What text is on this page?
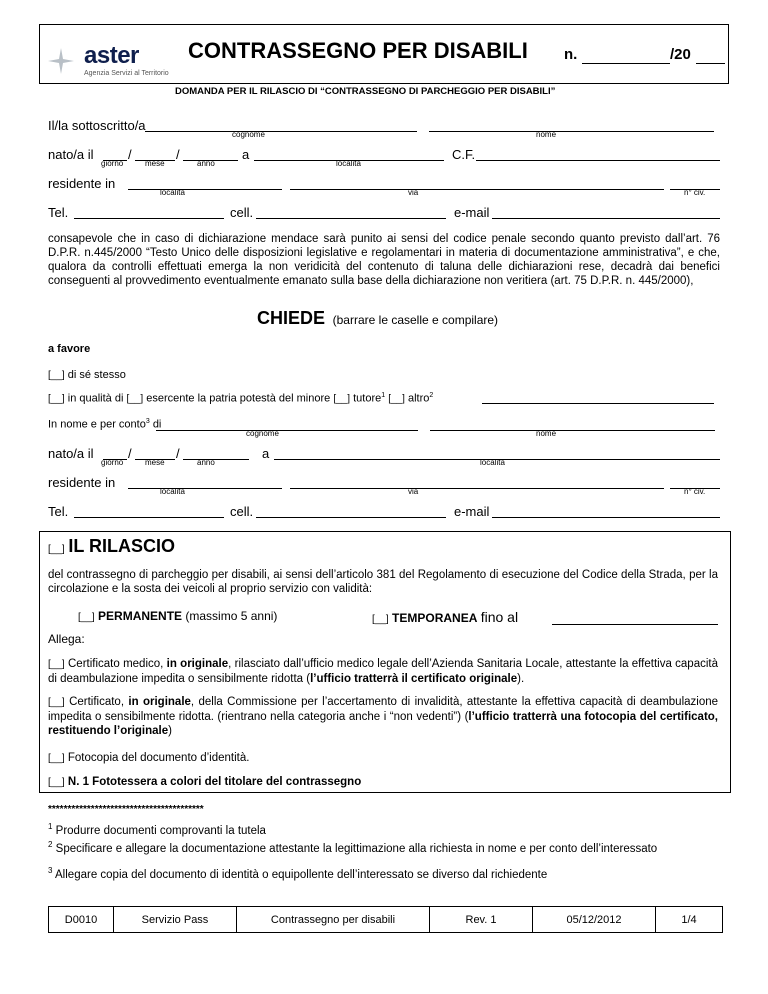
aster
Agenzia Servizi al Territorio
CONTRASSEGNO PER DISABILI n.	/20
DOMANDA PER IL RILASCIO DI “CONTRASSEGNO DI PARCHEGGIO PER DISABILI”
Il/la sottoscritto/a
cognome	nome
nato/a il	/	/
giorno	mese	anno
a
località
C.F.
residente in
località	via	n° civ.
Tel.	cell.	e-mail
consapevole che in caso di dichiarazione mendace sarà punito ai sensi del codice penale secondo quanto previsto dall’art. 76 D.P.R. n.445/2000 “Testo Unico delle disposizioni legislative e regolamentari in materia di documentazione amministrativa”, e che, qualora da controlli effettuati emerga la non veridicità del contenuto di taluna delle dichiarazioni rese, decadrà dai benefici conseguenti al provvedimento eventualmente emanato sulla base della dichiarazione non veritiera (art. 75 D.P.R. n. 445/2000),
CHIEDE (barrare le caselle e compilare)
a favore
[__] di sé stesso
[__] in qualità di [__] esercente la patria potestà del minore [__] tutore$^1$ [__] altro$^2$
In nome e per conto$^3$ di
cognome	nome
nato/a il	/	/
giorno	mese	anno
a
località
residente in
località	via	n° civ.
Tel.	cell.	e-mail
[__] IL RILASCIO
del contrassegno di parcheggio per disabili, ai sensi dell’articolo 381 del Regolamento di esecuzione del Codice della Strada, per la circolazione e la sosta dei veicoli al proprio servizio con validità:
[__] PERMANENTE (massimo 5 anni)	[__] TEMPORANEA fino al
Allega:
[__] Certificato medico, in originale, rilasciato dall’ufficio medico legale dell’Azienda Sanitaria Locale, attestante la effettiva capacità di deambulazione impedita o sensibilmente ridotta (l’ufficio tratterrà il certificato originale).
[__] Certificato, in originale, della Commissione per l’accertamento di invalidità, attestante la effettiva capacità di deambulazione impedita o sensibilmente ridotta. (rientrano nella categoria anche i “non vedenti”) (l’ufficio tratterrà una fotocopia del certificato, restituendo l’originale)
[__] Fotocopia del documento d’identità.
[__] N. 1 Fototessera a colori del titolare del contrassegno
****************************************
$^1$ Produrre documenti comprovanti la tutela
$^2$ Specificare e allegare la documentazione attestante la legittimazione alla richiesta in nome e per conto dell’interessato
$^3$ Allegare copia del documento di identità o equipollente dell’interessato se diverso dal richiedente
D0010	Servizio Pass	Contrassegno per disabili	Rev. 1	05/12/2012	1/4
